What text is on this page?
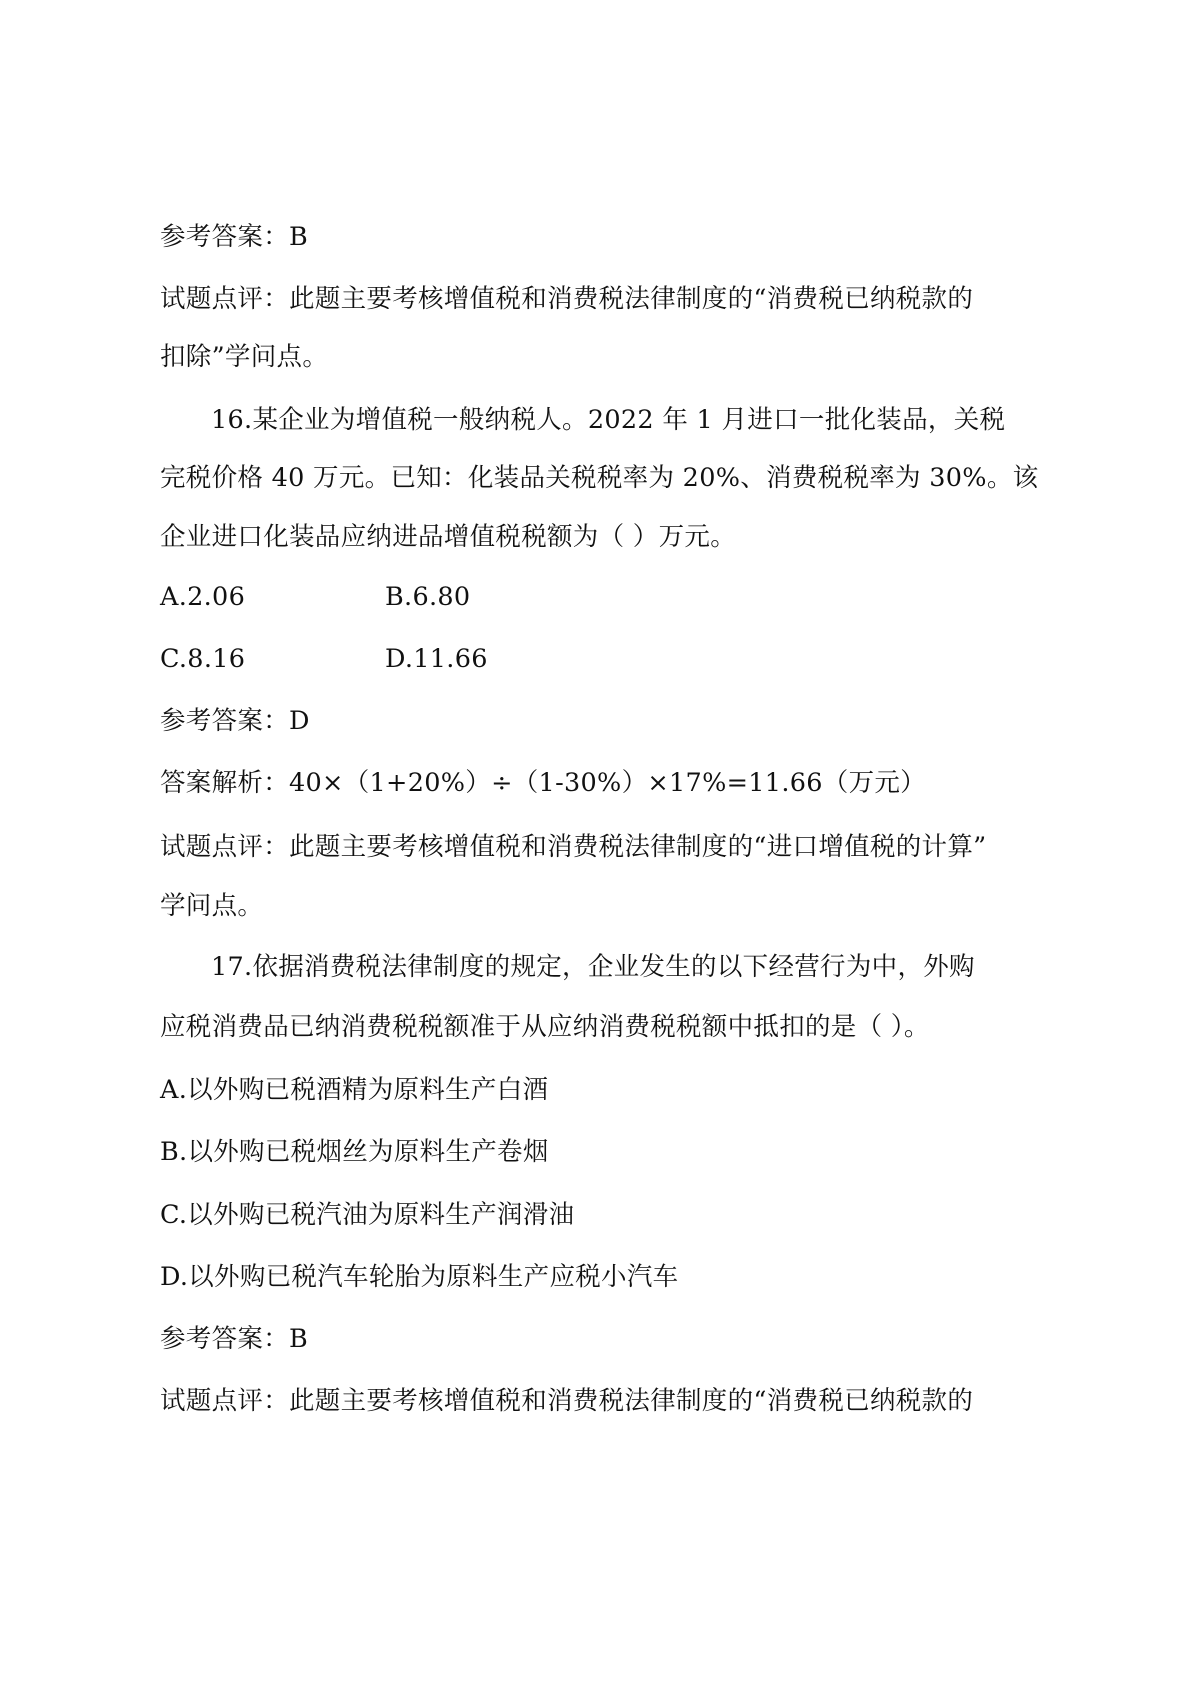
参考答案：B
试题点评：此题主要考核增值税和消费税法律制度的“消费税已纳税款的
扣除”学问点。
16.某企业为增值税一般纳税人。2022 年 1 月进口一批化装品，关税
完税价格 40 万元。已知：化装品关税税率为 20%、消费税税率为 30%。该
企业进口化装品应纳进品增值税税额为（ ）万元。
A.2.06	B.6.80
C.8.16	D.11.66
参考答案：D
答案解析：40×（1+20%）÷（1-30%）×17%=11.66（万元）
试题点评：此题主要考核增值税和消费税法律制度的“进口增值税的计算”
学问点。
17.依据消费税法律制度的规定，企业发生的以下经营行为中，外购
应税消费品已纳消费税税额准于从应纳消费税税额中抵扣的是（ ）。
A.以外购已税酒精为原料生产白酒
B.以外购已税烟丝为原料生产卷烟
C.以外购已税汽油为原料生产润滑油
D.以外购已税汽车轮胎为原料生产应税小汽车
参考答案：B
试题点评：此题主要考核增值税和消费税法律制度的“消费税已纳税款的
